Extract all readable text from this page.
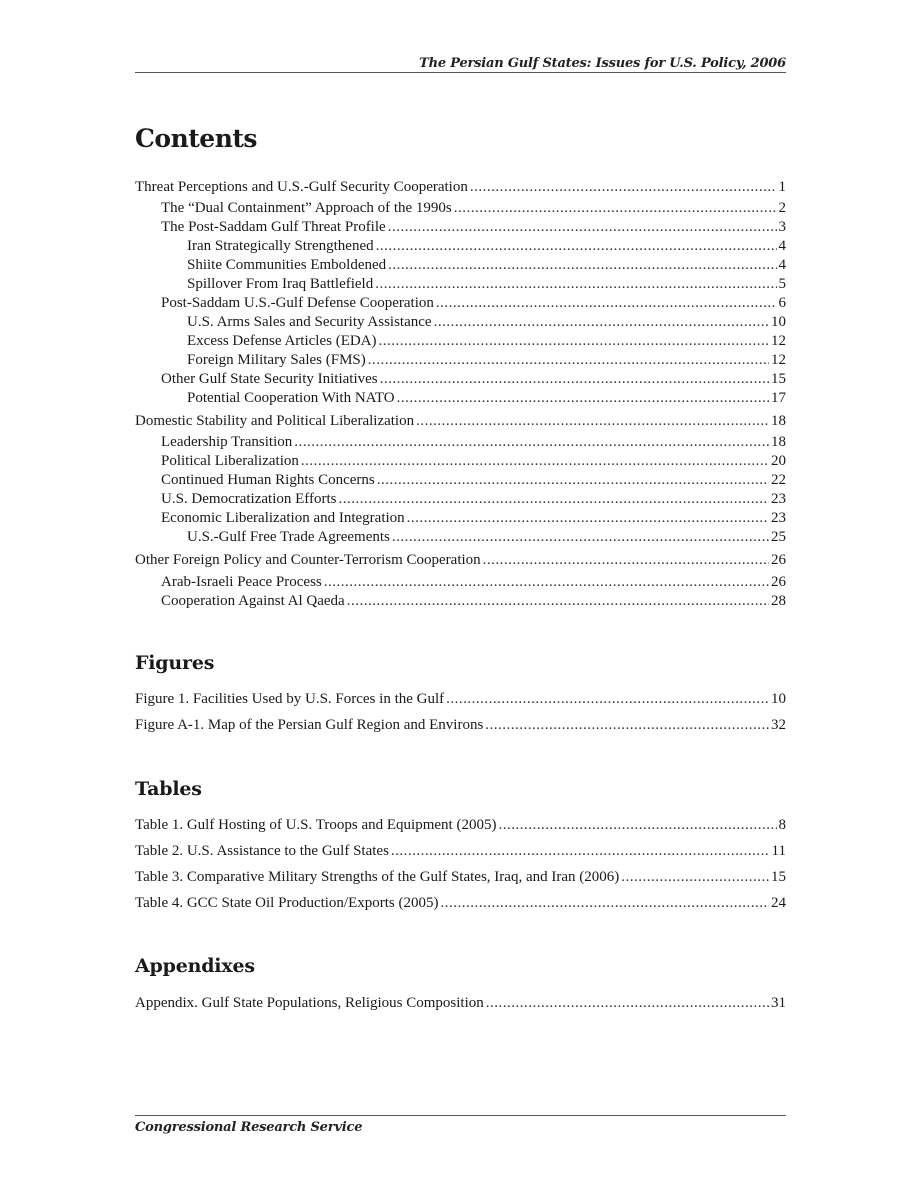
The Persian Gulf States: Issues for U.S. Policy, 2006
Contents
Threat Perceptions and U.S.-Gulf Security Cooperation .....	1
The “Dual Containment” Approach of the 1990s .....	2
The Post-Saddam Gulf Threat Profile .....	3
Iran Strategically Strengthened .....	4
Shiite Communities Emboldened .....	4
Spillover From Iraq Battlefield .....	5
Post-Saddam U.S.-Gulf Defense Cooperation .....	6
U.S. Arms Sales and Security Assistance .....	10
Excess Defense Articles (EDA) .....	12
Foreign Military Sales (FMS) .....	12
Other Gulf State Security Initiatives .....	15
Potential Cooperation With NATO .....	17
Domestic Stability and Political Liberalization .....	18
Leadership Transition .....	18
Political Liberalization .....	20
Continued Human Rights Concerns .....	22
U.S. Democratization Efforts .....	23
Economic Liberalization and Integration .....	23
U.S.-Gulf Free Trade Agreements .....	25
Other Foreign Policy and Counter-Terrorism Cooperation .....	26
Arab-Israeli Peace Process .....	26
Cooperation Against Al Qaeda .....	28
Figures
Figure 1. Facilities Used by U.S. Forces in the Gulf .....	10
Figure A-1. Map of the Persian Gulf Region and Environs .....	32
Tables
Table 1. Gulf Hosting of U.S. Troops and Equipment (2005) .....	8
Table 2. U.S. Assistance to the Gulf States .....	11
Table 3. Comparative Military Strengths of the Gulf States, Iraq, and Iran (2006) .....	15
Table 4. GCC State Oil Production/Exports (2005) .....	24
Appendixes
Appendix. Gulf State Populations, Religious Composition .....	31
Congressional Research Service
